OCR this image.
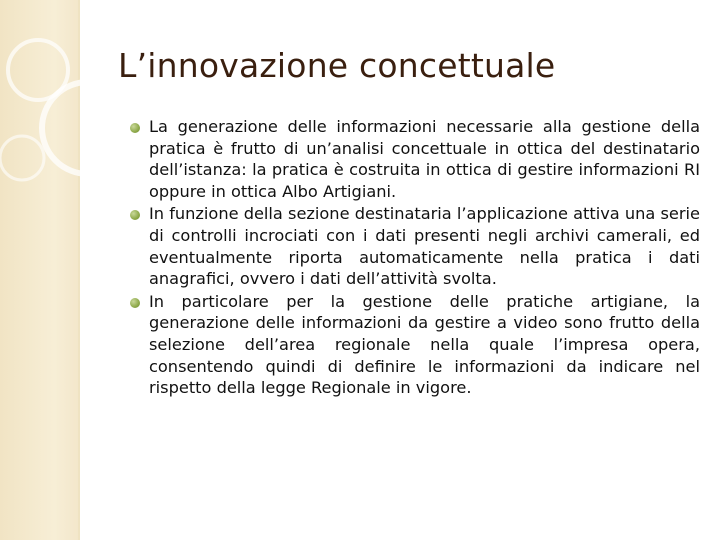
L’innovazione concettuale
La generazione delle informazioni necessarie alla gestione della pratica è frutto di un’analisi concettuale in ottica del destinatario dell’istanza: la pratica è costruita in ottica di gestire informazioni RI oppure in ottica Albo Artigiani.
In funzione della sezione destinataria l’applicazione attiva una serie di controlli incrociati con i dati presenti negli archivi camerali, ed eventualmente riporta automaticamente nella pratica i dati anagrafici, ovvero i dati dell’attività svolta.
In particolare per la gestione delle pratiche artigiane, la generazione delle informazioni da gestire a video sono frutto della selezione dell’area regionale nella quale l’impresa opera, consentendo quindi di definire le informazioni da indicare nel rispetto della legge Regionale in vigore.
